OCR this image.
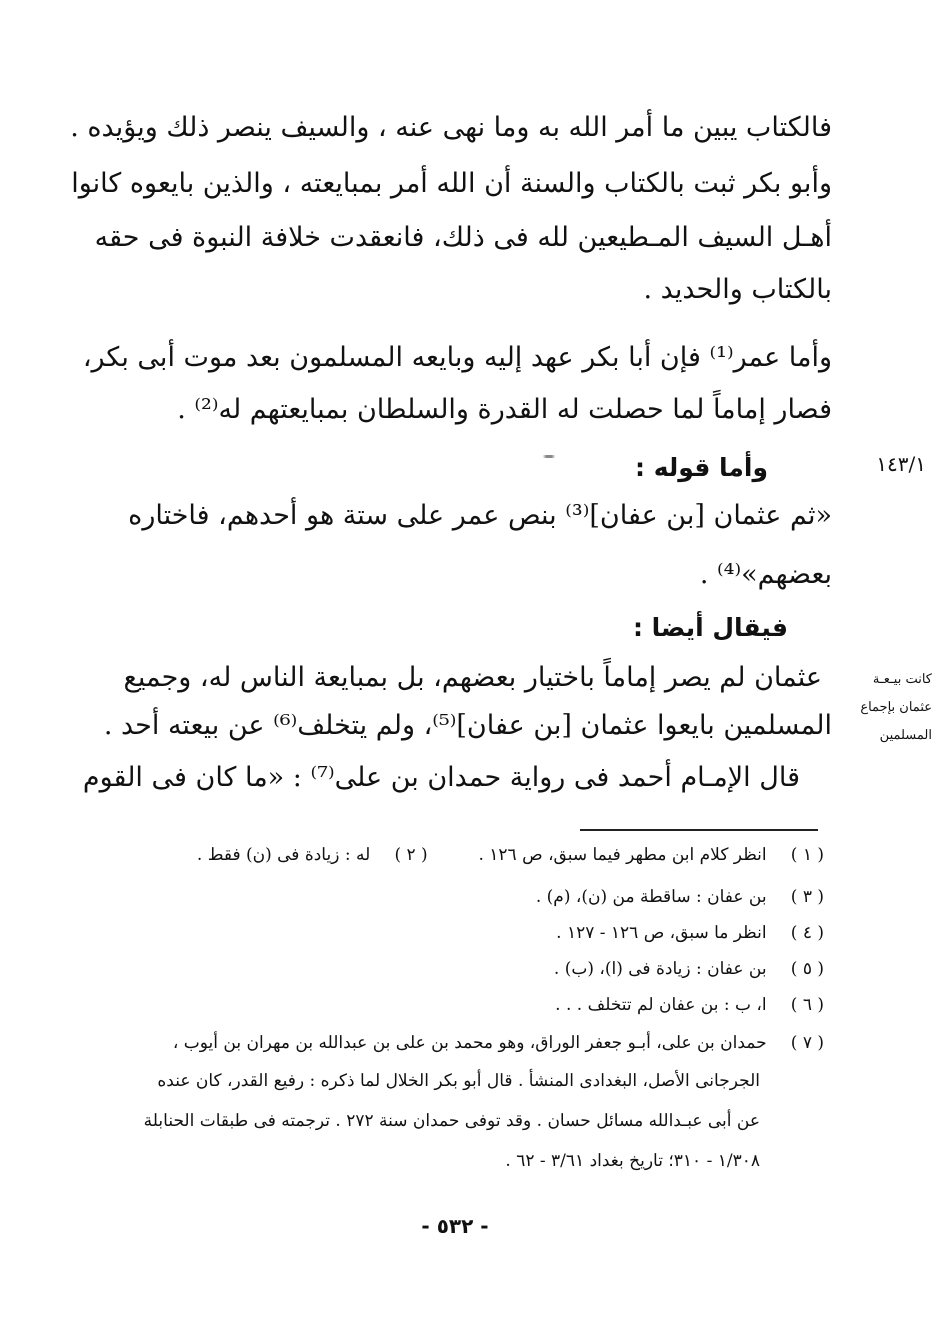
فالكتاب يبين ما أمر الله به وما نهى عنه ، والسيف ينصر ذلك ويؤيده .
وأبو بكر ثبت بالكتاب والسنة أن الله أمر بمبايعته ، والذين بايعوه كانوا
أهـل السيف المـطيعين لله فى ذلك، فانعقدت خلافة النبوة فى حقه
بالكتاب والحديد .
وأما عمر⁽¹⁾ فإن أبا بكر عهد إليه وبايعه المسلمون بعد موت أبى بكر،
فصار إماماً لما حصلت له القدرة والسلطان بمبايعتهم له⁽²⁾ .
وأما قوله :
«ثم عثمان [بن عفان]⁽³⁾ بنص عمر على ستة هو أحدهم، فاختاره
بعضهم»⁽⁴⁾ .
فيقال أيضا :
عثمان لم يصر إماماً باختيار بعضهم، بل بمبايعة الناس له، وجميع
المسلمين بايعوا عثمان [بن عفان]⁽⁵⁾، ولم يتخلف⁽⁶⁾ عن بيعته أحد .
قال الإمـام أحمد فى رواية حمدان بن على⁽⁷⁾ : «ما كان فى القوم
١٤٣/١
كانت بيـعـة
عثمان بإجماع
المسلمين
( ١ ) انظر كلام ابن مطهر فيما سبق، ص ١٢٦ .  ( ٢ ) له : زيادة فى (ن) فقط .
( ٣ ) بن عفان : ساقطة من (ن)، (م) .
( ٤ ) انظر ما سبق، ص ١٢٦ - ١٢٧ .
( ٥ ) بن عفان : زيادة فى (ا)، (ب) .
( ٦ ) ا، ب : بن عفان لم تتخلف . . .
( ٧ ) حمدان بن على، أبـو جعفر الوراق، وهو محمد بن على بن عبدالله بن مهران بن أيوب ،
الجرجانى الأصل، البغدادى المنشأ . قال أبو بكر الخلال لما ذكره : رفيع القدر، كان عنده
عن أبى عبـدالله مسائل حسان . وقد توفى حمدان سنة ٢٧٢ . ترجمته فى طبقات الحنابلة
١/٣٠٨ - ٣١٠؛ تاريخ بغداد ٣/٦١ - ٦٢ .
- ٥٣٢ -
